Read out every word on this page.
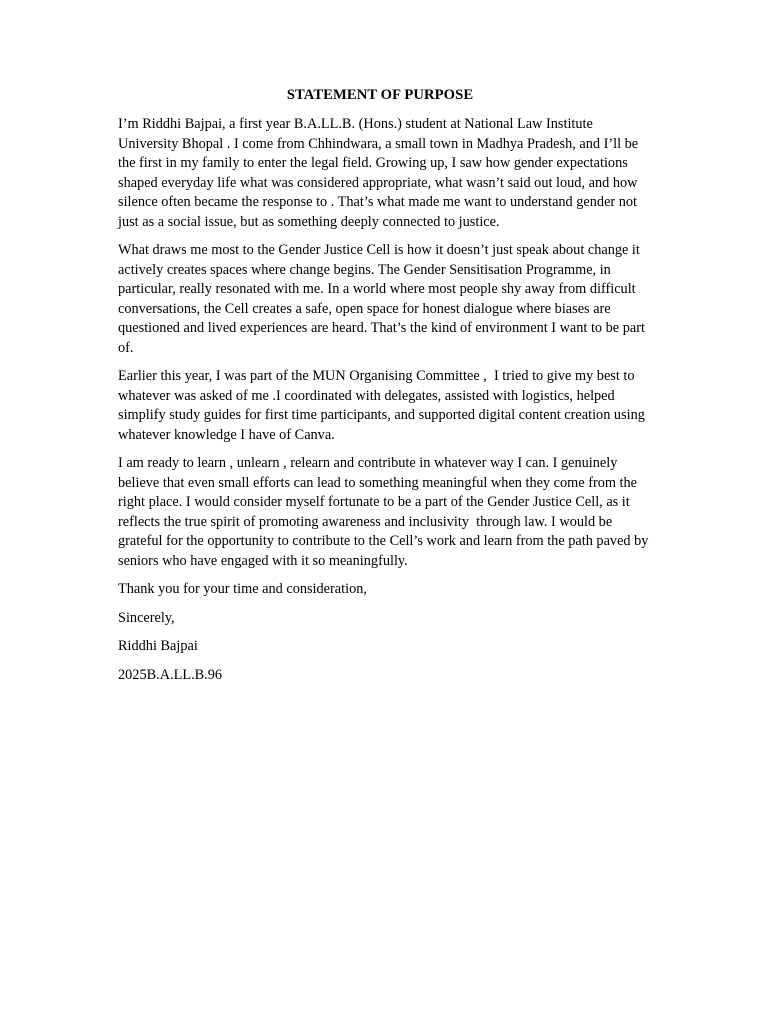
STATEMENT OF PURPOSE

I’m Riddhi Bajpai, a first year B.A.LL.B. (Hons.) student at National Law Institute University Bhopal . I come from Chhindwara, a small town in Madhya Pradesh, and I’ll be the first in my family to enter the legal field. Growing up, I saw how gender expectations shaped everyday life what was considered appropriate, what wasn’t said out loud, and how silence often became the response to . That’s what made me want to understand gender not just as a social issue, but as something deeply connected to justice.

What draws me most to the Gender Justice Cell is how it doesn’t just speak about change it actively creates spaces where change begins. The Gender Sensitisation Programme, in particular, really resonated with me. In a world where most people shy away from difficult conversations, the Cell creates a safe, open space for honest dialogue where biases are questioned and lived experiences are heard. That’s the kind of environment I want to be part of.

Earlier this year, I was part of the MUN Organising Committee ,  I tried to give my best to whatever was asked of me .I coordinated with delegates, assisted with logistics, helped simplify study guides for first time participants, and supported digital content creation using whatever knowledge I have of Canva.

I am ready to learn , unlearn , relearn and contribute in whatever way I can. I genuinely believe that even small efforts can lead to something meaningful when they come from the right place. I would consider myself fortunate to be a part of the Gender Justice Cell, as it reflects the true spirit of promoting awareness and inclusivity  through law. I would be grateful for the opportunity to contribute to the Cell’s work and learn from the path paved by seniors who have engaged with it so meaningfully.

Thank you for your time and consideration,

Sincerely,

Riddhi Bajpai

2025B.A.LL.B.96
